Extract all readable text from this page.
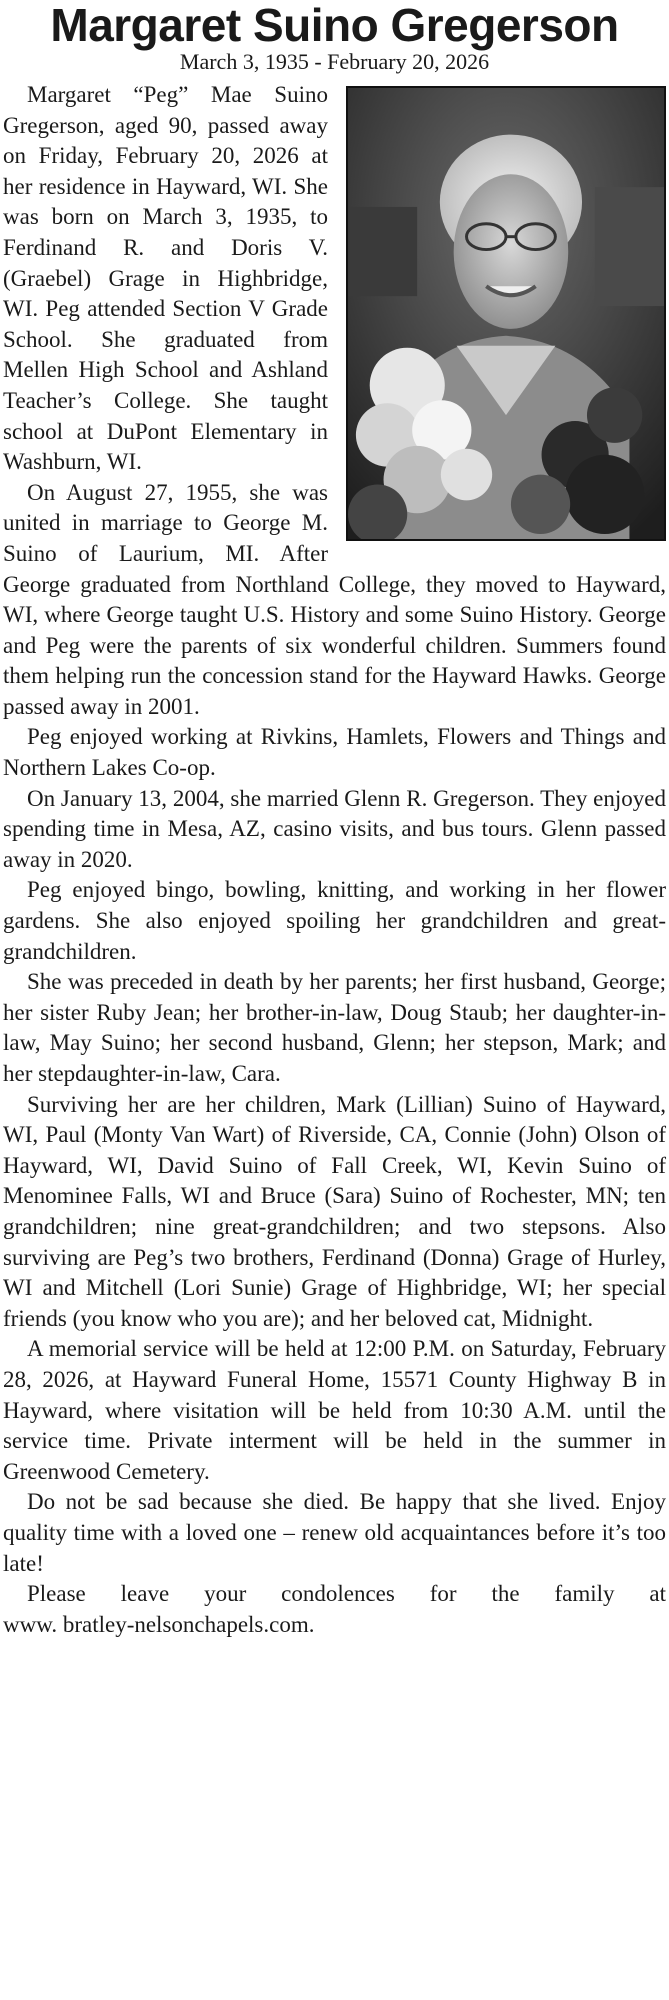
Margaret Suino Gregerson
March 3, 1935 - February 20, 2026

Margaret “Peg” Mae Suino Gregerson, aged 90, passed away on Friday, February 20, 2026 at her residence in Hayward, WI. She was born on March 3, 1935, to Ferdinand R. and Doris V. (Graebel) Grage in Highbridge, WI. Peg attended Section V Grade School. She graduated from Mellen High School and Ashland Teacher’s College. She taught school at DuPont Elementary in Washburn, WI.

On August 27, 1955, she was united in marriage to George M. Suino of Laurium, MI. After George graduated from Northland College, they moved to Hayward, WI, where George taught U.S. History and some Suino History. George and Peg were the parents of six wonderful children. Summers found them helping run the concession stand for the Hayward Hawks. George passed away in 2001.

Peg enjoyed working at Rivkins, Hamlets, Flowers and Things and Northern Lakes Co-op.

On January 13, 2004, she married Glenn R. Gregerson. They enjoyed spending time in Mesa, AZ, casino visits, and bus tours. Glenn passed away in 2020.

Peg enjoyed bingo, bowling, knitting, and working in her flower gardens. She also enjoyed spoiling her grandchildren and great-grandchildren.

She was preceded in death by her parents; her first husband, George; her sister Ruby Jean; her brother-in-law, Doug Staub; her daughter-in-law, May Suino; her second husband, Glenn; her stepson, Mark; and her stepdaughter-in-law, Cara.

Surviving her are her children, Mark (Lillian) Suino of Hayward, WI, Paul (Monty Van Wart) of Riverside, CA, Connie (John) Olson of Hayward, WI, David Suino of Fall Creek, WI, Kevin Suino of Menominee Falls, WI and Bruce (Sara) Suino of Rochester, MN; ten grandchildren; nine great-grandchildren; and two stepsons. Also surviving are Peg’s two brothers, Ferdinand (Donna) Grage of Hurley, WI and Mitchell (Lori Sunie) Grage of Highbridge, WI; her special friends (you know who you are); and her beloved cat, Midnight.

A memorial service will be held at 12:00 P.M. on Saturday, February 28, 2026, at Hayward Funeral Home, 15571 County Highway B in Hayward, where visitation will be held from 10:30 A.M. until the service time. Private interment will be held in the summer in Greenwood Cemetery.

Do not be sad because she died. Be happy that she lived. Enjoy quality time with a loved one – renew old acquaintances before it’s too late!

Please leave your condolences for the family at www. bratley-nelsonchapels.com.
